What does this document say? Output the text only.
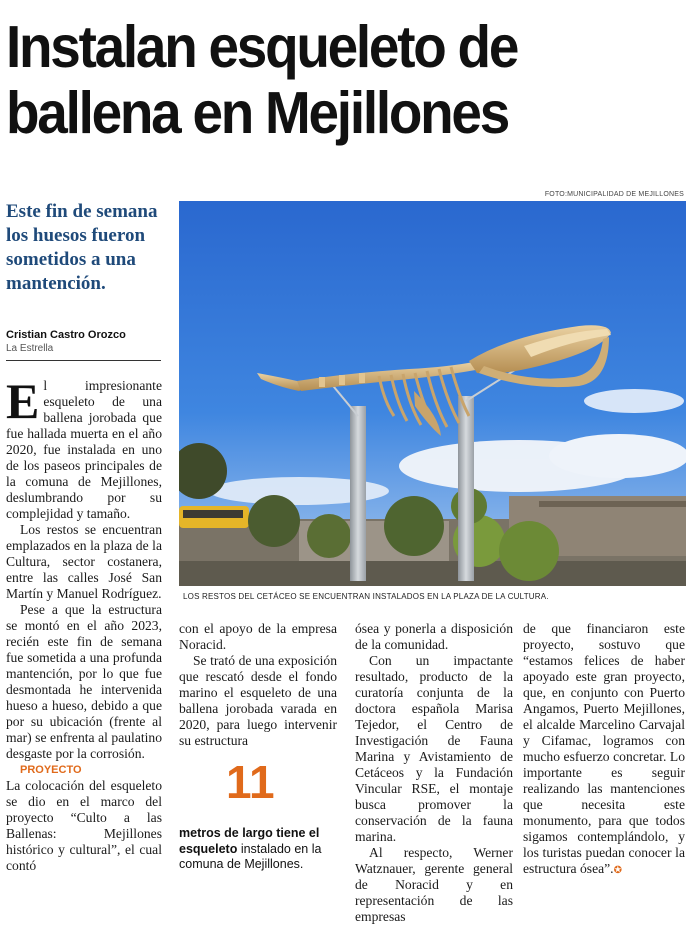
Instalan esqueleto de
ballena en Mejillones
FOTO:MUNICIPALIDAD DE MEJILLONES

Este fin de semana los huesos fueron sometidos a una mantención.

Cristian Castro Orozco
La Estrella
LOS RESTOS DEL CETÁCEO SE ENCUENTRAN INSTALADOS EN LA PLAZA DE LA CULTURA.

El impresionante esqueleto de una ballena jorobada que fue hallada muerta en el año 2020, fue instalada en uno de los paseos principales de la comuna de Mejillones, deslumbrando por su complejidad y tamaño.

Los restos se encuentran emplazados en la plaza de la Cultura, sector costanera, entre las calles José San Martín y Manuel Rodríguez.

Pese a que la estructura se montó en el año 2023, recién este fin de semana fue sometida a una profunda mantención, por lo que fue desmontada he intervenida hueso a hueso, debido a que por su ubicación (frente al mar) se enfrenta al paulatino desgaste por la corrosión.

PROYECTO

La colocación del esqueleto se dio en el marco del proyecto “Culto a las Ballenas: Mejillones histórico y cultural”, el cual contó

con el apoyo de la empresa Noracid.

Se trató de una exposición que rescató desde el fondo marino el esqueleto de una ballena jorobada varada en 2020, para luego intervenir su estructura

11
metros de largo tiene el esqueleto instalado en la comuna de Mejillones.

ósea y ponerla a disposición de la comunidad.

Con un impactante resultado, producto de la curatoría conjunta de la doctora española Marisa Tejedor, el Centro de Investigación de Fauna Marina y Avistamiento de Cetáceos y la Fundación Vincular RSE, el montaje busca promover la conservación de la fauna marina.

Al respecto, Werner Watznauer, gerente general de Noracid y en representación de las empresas

de que financiaron este proyecto, sostuvo que “estamos felices de haber apoyado este gran proyecto, que, en conjunto con Puerto Angamos, Puerto Mejillones, el alcalde Marcelino Carvajal y Cifamac, logramos con mucho esfuerzo concretar. Lo importante es seguir realizando las mantenciones que necesita este monumento, para que todos sigamos contemplándolo, y los turistas puedan conocer la estructura ósea”.✪
